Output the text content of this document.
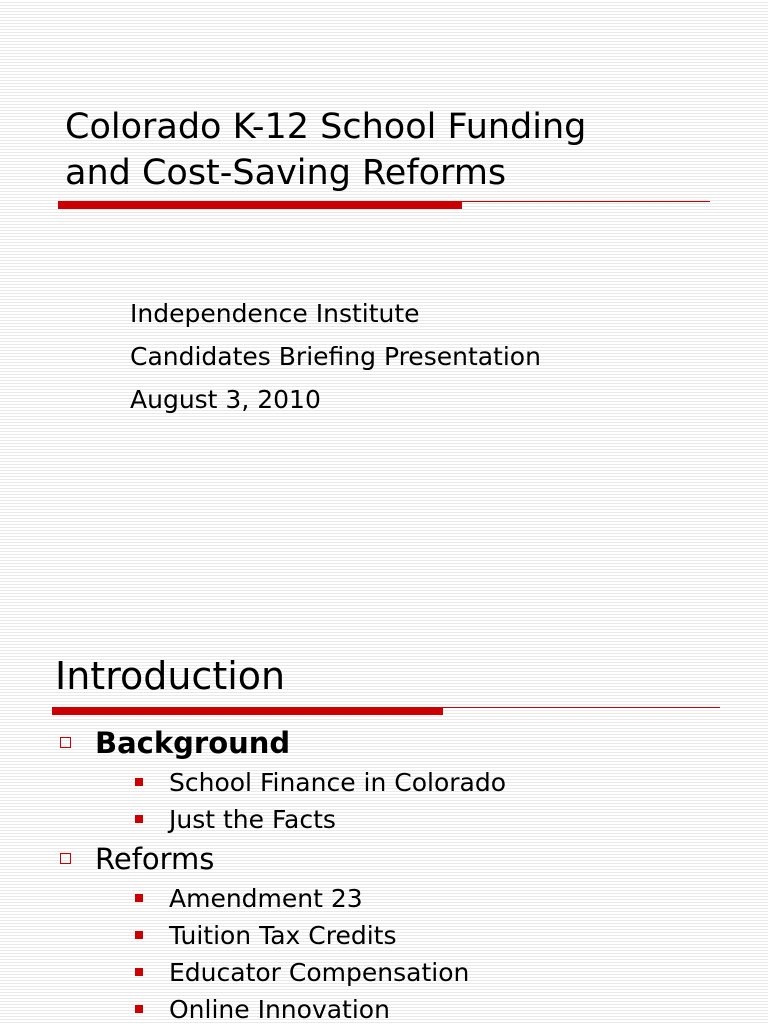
Colorado K-12 School Funding
and Cost-Saving Reforms
Independence Institute
Candidates Briefing Presentation
August 3, 2010
Introduction
Background
School Finance in Colorado
Just the Facts
Reforms
Amendment 23
Tuition Tax Credits
Educator Compensation
Online Innovation
